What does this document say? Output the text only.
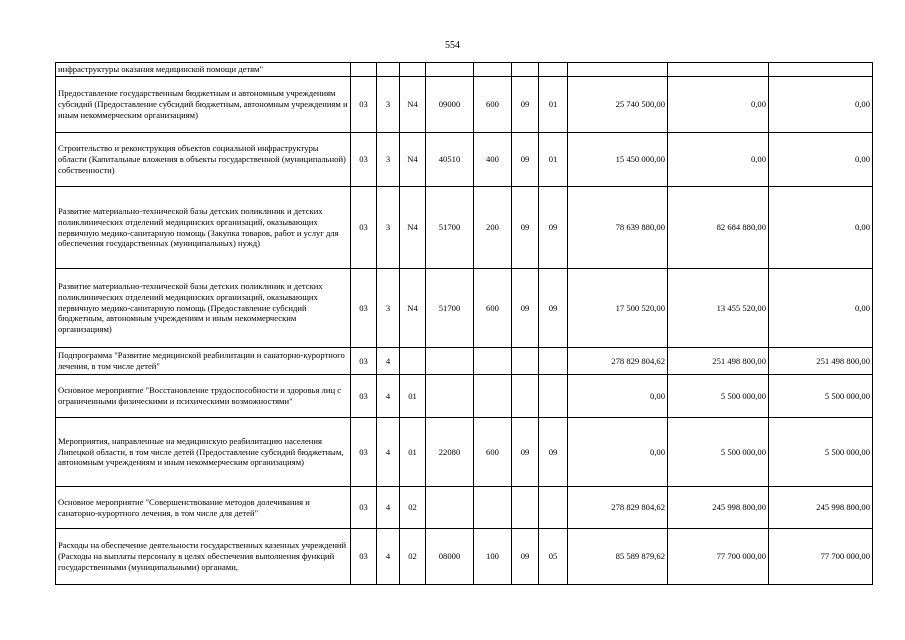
554
инфраструктуры оказания медицинской помощи детям"										
Предоставление государственным бюджетным и автономным учреждениям субсидий (Предоставление субсидий бюджетным, автономным учреждениям и иным некоммерческим организациям)	03	3	N4	09000	600	09	01	25 740 500,00	0,00	0,00
Строительство и реконструкция объектов социальной инфраструктуры области (Капитальные вложения в объекты государственной (муниципальной) собственности)	03	3	N4	40510	400	09	01	15 450 000,00	0,00	0,00
Развитие материально-технической базы детских поликлиник и детских поликлинических отделений медицинских организаций, оказывающих первичную медико-санитарную помощь (Закупка товаров, работ и услуг для обеспечения государственных (муниципальных) нужд)	03	3	N4	51700	200	09	09	78 639 880,00	82 684 880,00	0,00
Развитие материально-технической базы детских поликлиник и детских поликлинических отделений медицинских организаций, оказывающих первичную медико-санитарную помощь (Предоставление субсидий бюджетным, автономным учреждениям и иным некоммерческим организациям)	03	3	N4	51700	600	09	09	17 500 520,00	13 455 520,00	0,00
Подпрограмма "Развитие медицинской реабилитации и санаторно-курортного лечения, в том числе детей"	03	4						278 829 804,62	251 498 800,00	251 498 800,00
Основное мероприятие "Восстановление трудоспособности и здоровья лиц с ограниченными физическими и психическими возможностями"	03	4	01					0,00	5 500 000,00	5 500 000,00
Мероприятия, направленные на медицинскую реабилитацию населения Липецкой области, в том числе детей (Предоставление субсидий бюджетным, автономным учреждениям и иным некоммерческим организациям)	03	4	01	22080	600	09	09	0,00	5 500 000,00	5 500 000,00
Основное мероприятие "Совершенствование методов долечивания и санаторно-курортного лечения, в том числе для детей"	03	4	02					278 829 804,62	245 998 800,00	245 998 800,00
Расходы на обеспечение деятельности государственных казенных учреждений (Расходы на выплаты персоналу в целях обеспечения выполнения функций государственными (муниципальными) органами,	03	4	02	08000	100	09	05	85 589 879,62	77 700 000,00	77 700 000,00
